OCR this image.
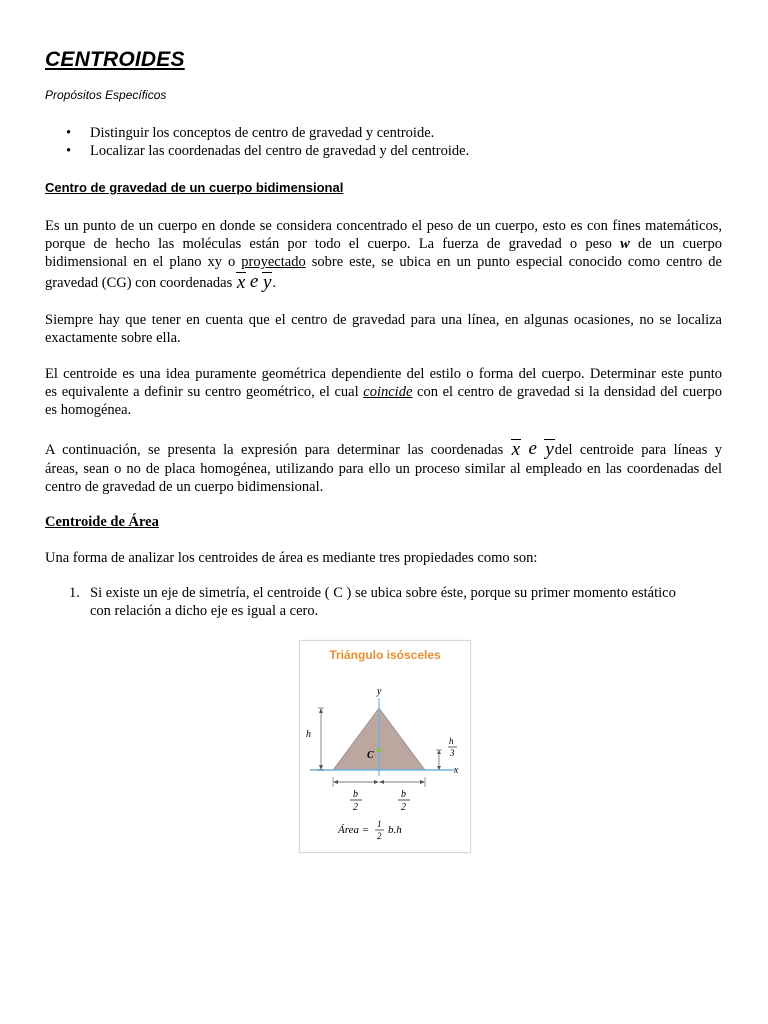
CENTROIDES
Propósitos Específicos
• Distinguir los conceptos de centro de gravedad y centroide.
• Localizar las coordenadas del centro de gravedad y del centroide.
Centro de gravedad de un cuerpo bidimensional
Es un punto de un cuerpo en donde se considera concentrado el peso de un cuerpo, esto es con fines matemáticos,
porque de hecho las moléculas están por todo el cuerpo. La fuerza de gravedad o peso w de un cuerpo
bidimensional en el plano xy o proyectado sobre este, se ubica en un punto especial conocido como centro de
gravedad (CG) con coordenadas x e y.
Siempre hay que tener en cuenta que el centro de gravedad para una línea, en algunas ocasiones, no se localiza
exactamente sobre ella.
El centroide es una idea puramente geométrica dependiente del estilo o forma del cuerpo. Determinar este punto
es equivalente a definir su centro geométrico, el cual coincide con el centro de gravedad si la densidad del cuerpo
es homogénea.
A continuación, se presenta la expresión para determinar las coordenadas x e ydel centroide para líneas y
áreas, sean o no de placa homogénea, utilizando para ello un proceso similar al empleado en las coordenadas del
centro de gravedad de un cuerpo bidimensional.
Centroide de Área
Una forma de analizar los centroides de área es mediante tres propiedades como son:
1. Si existe un eje de simetría, el centroide ( C ) se ubica sobre éste, porque su primer momento estático
con relación a dicho eje es igual a cero.
Triángulo isósceles
y
x
h
C
h
3
b
2
b
2
Área = 1
2 b.h
